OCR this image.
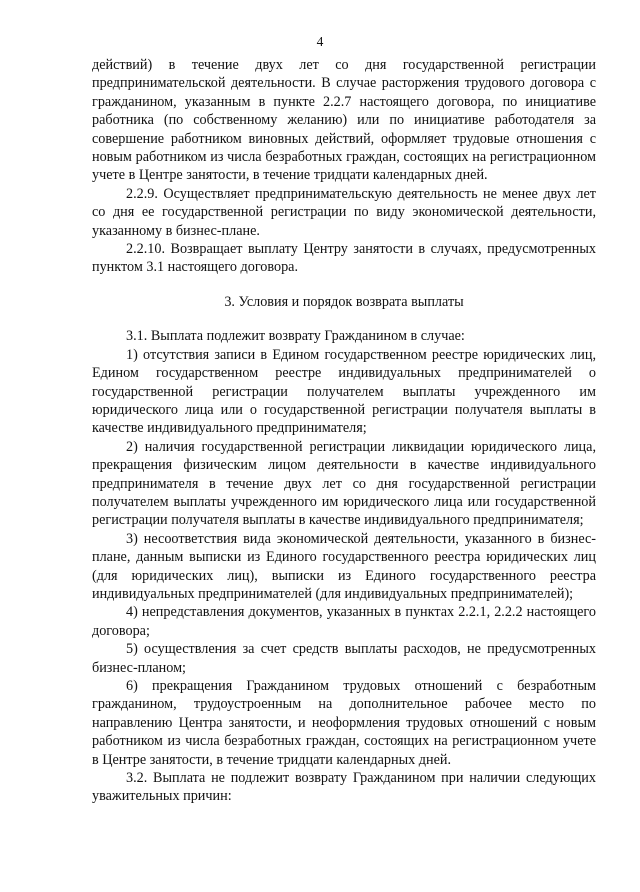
4

действий) в течение двух лет со дня государственной регистрации предпринимательской деятельности. В случае расторжения трудового договора с гражданином, указанным в пункте 2.2.7 настоящего договора, по инициативе работника (по собственному желанию) или по инициативе работодателя за совершение работником виновных действий, оформляет трудовые отношения с новым работником из числа безработных граждан, состоящих на регистрационном учете в Центре занятости, в течение тридцати календарных дней.

2.2.9. Осуществляет предпринимательскую деятельность не менее двух лет со дня ее государственной регистрации по виду экономической деятельности, указанному в бизнес-плане.

2.2.10. Возвращает выплату Центру занятости в случаях, предусмотренных пунктом 3.1 настоящего договора.

3. Условия и порядок возврата выплаты

3.1. Выплата подлежит возврату Гражданином в случае:

1) отсутствия записи в Едином государственном реестре юридических лиц, Едином государственном реестре индивидуальных предпринимателей о государственной регистрации получателем выплаты учрежденного им юридического лица или о государственной регистрации получателя выплаты в качестве индивидуального предпринимателя;

2) наличия государственной регистрации ликвидации юридического лица, прекращения физическим лицом деятельности в качестве индивидуального предпринимателя в течение двух лет со дня государственной регистрации получателем выплаты учрежденного им юридического лица или государственной регистрации получателя выплаты в качестве индивидуального предпринимателя;

3) несоответствия вида экономической деятельности, указанного в бизнес-плане, данным выписки из Единого государственного реестра юридических лиц (для юридических лиц), выписки из Единого государственного реестра индивидуальных предпринимателей (для индивидуальных предпринимателей);

4) непредставления документов, указанных в пунктах 2.2.1, 2.2.2 настоящего договора;

5) осуществления за счет средств выплаты расходов, не предусмотренных бизнес-планом;

6) прекращения Гражданином трудовых отношений с безработным гражданином, трудоустроенным на дополнительное рабочее место по направлению Центра занятости, и неоформления трудовых отношений с новым работником из числа безработных граждан, состоящих на регистрационном учете в Центре занятости, в течение тридцати календарных дней.

3.2. Выплата не подлежит возврату Гражданином при наличии следующих уважительных причин:
